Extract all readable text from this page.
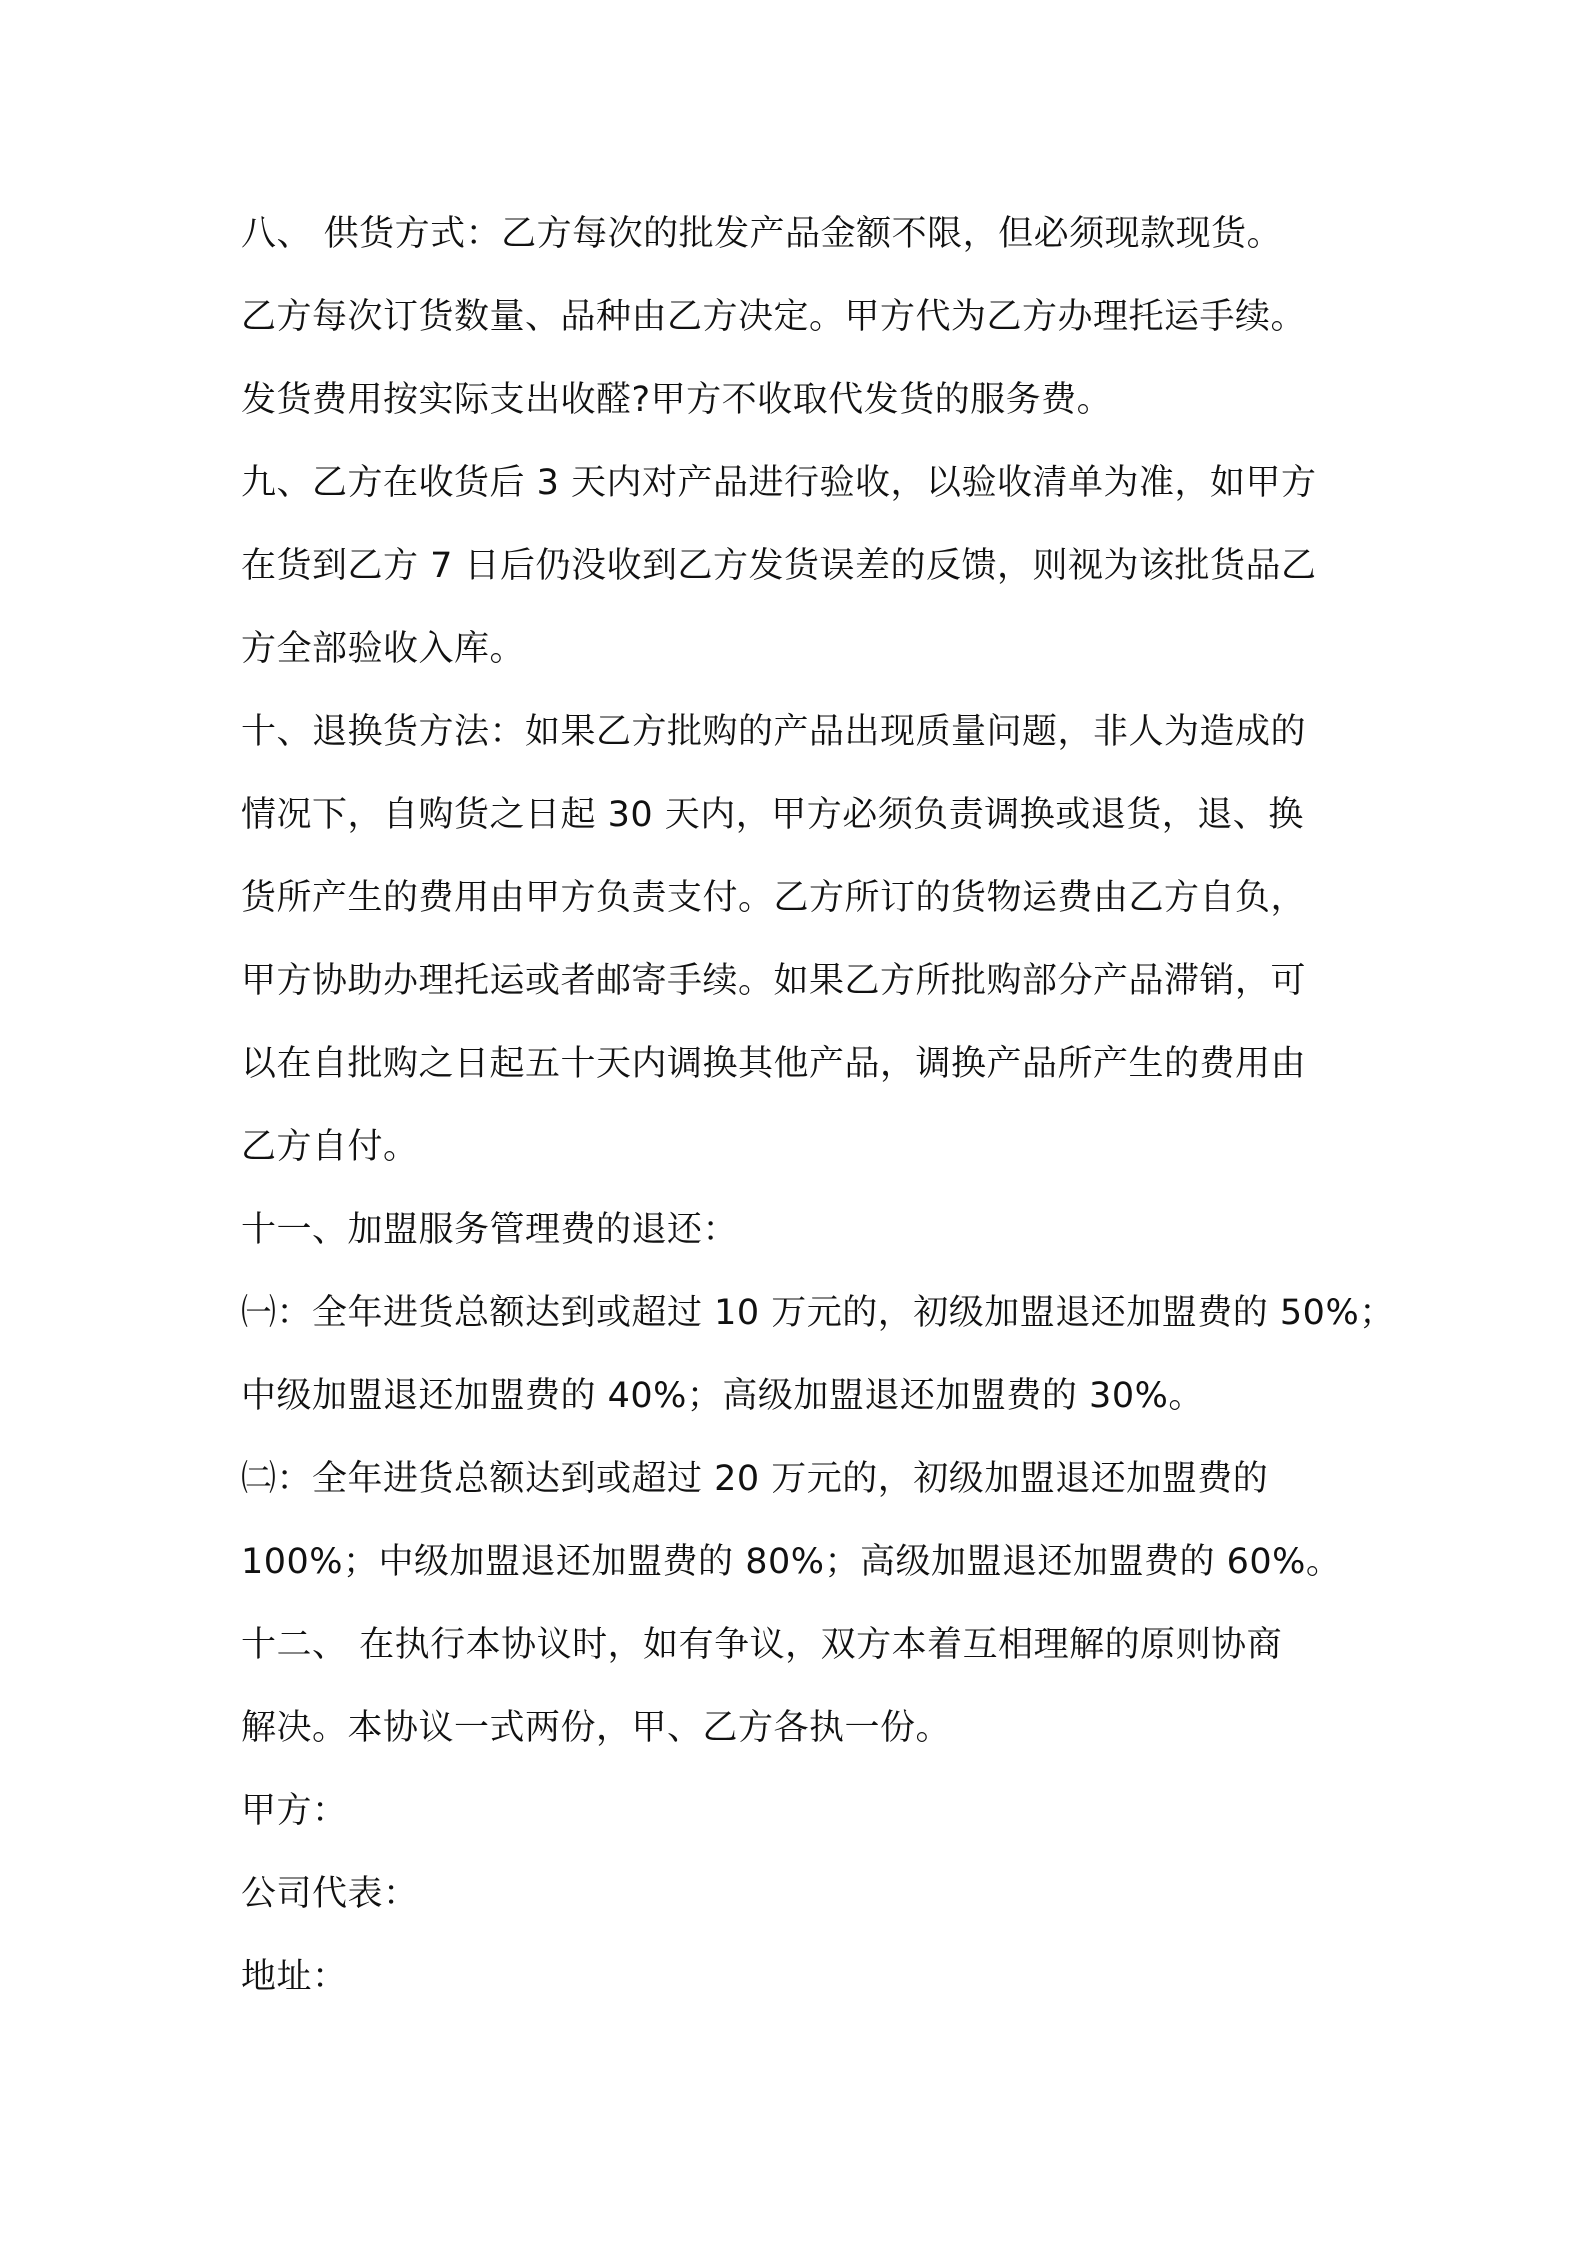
八、 供货方式：乙方每次的批发产品金额不限，但必须现款现货。
乙方每次订货数量、品种由乙方决定。甲方代为乙方办理托运手续。
发货费用按实际支出收醛?甲方不收取代发货的服务费。
九、乙方在收货后 3 天内对产品进行验收，以验收清单为准，如甲方
在货到乙方 7 日后仍没收到乙方发货误差的反馈，则视为该批货品乙
方全部验收入库。
十、退换货方法：如果乙方批购的产品出现质量问题，非人为造成的
情况下，自购货之日起 30 天内，甲方必须负责调换或退货，退、换
货所产生的费用由甲方负责支付。乙方所订的货物运费由乙方自负，
甲方协助办理托运或者邮寄手续。如果乙方所批购部分产品滞销，可
以在自批购之日起五十天内调换其他产品，调换产品所产生的费用由
乙方自付。
十一、加盟服务管理费的退还：
㈠：全年进货总额达到或超过 10 万元的，初级加盟退还加盟费的 50%；
中级加盟退还加盟费的 40%；高级加盟退还加盟费的 30%。
㈡：全年进货总额达到或超过 20 万元的，初级加盟退还加盟费的
100%；中级加盟退还加盟费的 80%；高级加盟退还加盟费的 60%。
十二、 在执行本协议时，如有争议，双方本着互相理解的原则协商
解决。本协议一式两份，甲、乙方各执一份。
甲方：
公司代表：
地址：
